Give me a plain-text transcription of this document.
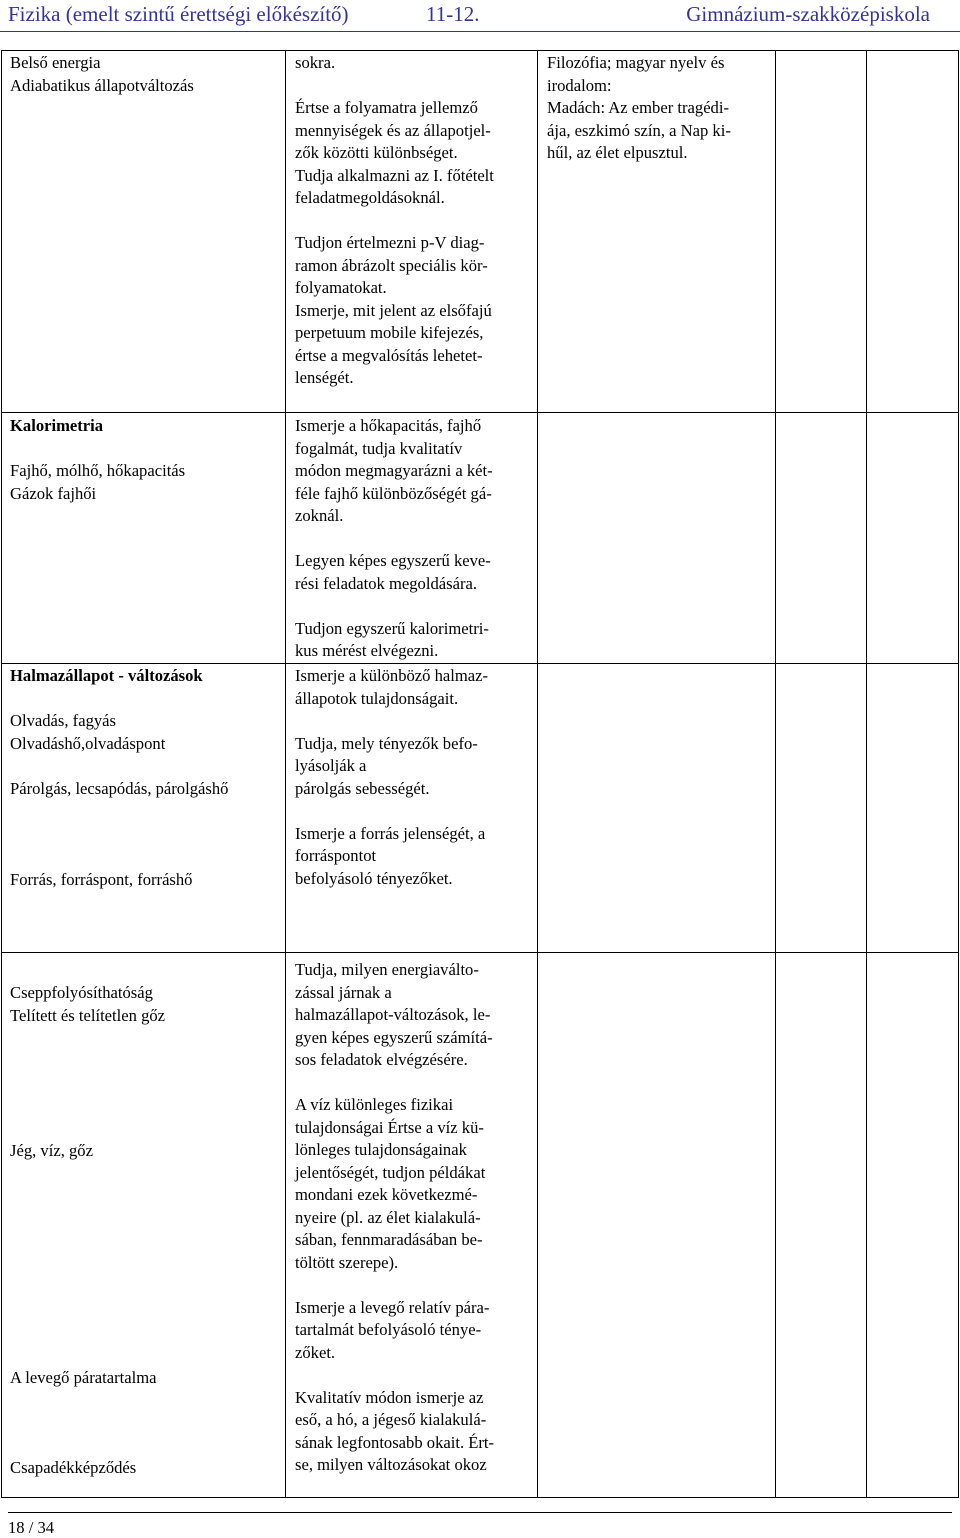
Fizika (emelt szintű érettségi előkészítő)	11-12.	Gimnázium-szakközépiskola
Belső energia
Adiabatikus állapotváltozás
sokra.
Értse a folyamatra jellemző
mennyiségek és az állapotjel-
zők közötti különbséget.
Tudja alkalmazni az I. főtételt
feladatmegoldásoknál.
Tudjon értelmezni p-V diag-
ramon ábrázolt speciális kör-
folyamatokat.
Ismerje, mit jelent az elsőfajú
perpetuum mobile kifejezés,
értse a megvalósítás lehetet-
lenségét.
Filozófia; magyar nyelv és
irodalom:
Madách: Az ember tragédi-
ája, eszkimó szín, a Nap ki-
hűl, az élet elpusztul.
Kalorimetria
Fajhő, mólhő, hőkapacitás
Gázok fajhői
Ismerje a hőkapacitás, fajhő
fogalmát, tudja kvalitatív
módon megmagyarázni a két-
féle fajhő különbözőségét gá-
zoknál.
Legyen képes egyszerű keve-
rési feladatok megoldására.
Tudjon egyszerű kalorimetri-
kus mérést elvégezni.
Halmazállapot - változások
Olvadás, fagyás
Olvadáshő,olvadáspont
Párolgás, lecsapódás, párolgáshő
Forrás, forráspont, forráshő
Ismerje a különböző halmaz-
állapotok tulajdonságait.
Tudja, mely tényezők befo-
lyásolják a
párolgás sebességét.
Ismerje a forrás jelenségét, a
forráspontot
befolyásoló tényezőket.
Cseppfolyósíthatóság
Telített és telítetlen gőz
Jég, víz, gőz
A levegő páratartalma
Csapadékképződés
Tudja, milyen energiaválto-
zással járnak a
halmazállapot-változások, le-
gyen képes egyszerű számítá-
sos feladatok elvégzésére.
A víz különleges fizikai
tulajdonságai Értse a víz kü-
lönleges tulajdonságainak
jelentőségét, tudjon példákat
mondani ezek következmé-
nyeire (pl. az élet kialakulá-
sában, fennmaradásában be-
töltött szerepe).
Ismerje a levegő relatív pára-
tartalmát befolyásoló ténye-
zőket.
Kvalitatív módon ismerje az
eső, a hó, a jégeső kialakulá-
sának legfontosabb okait. Ért-
se, milyen változásokat okoz
18 / 34
